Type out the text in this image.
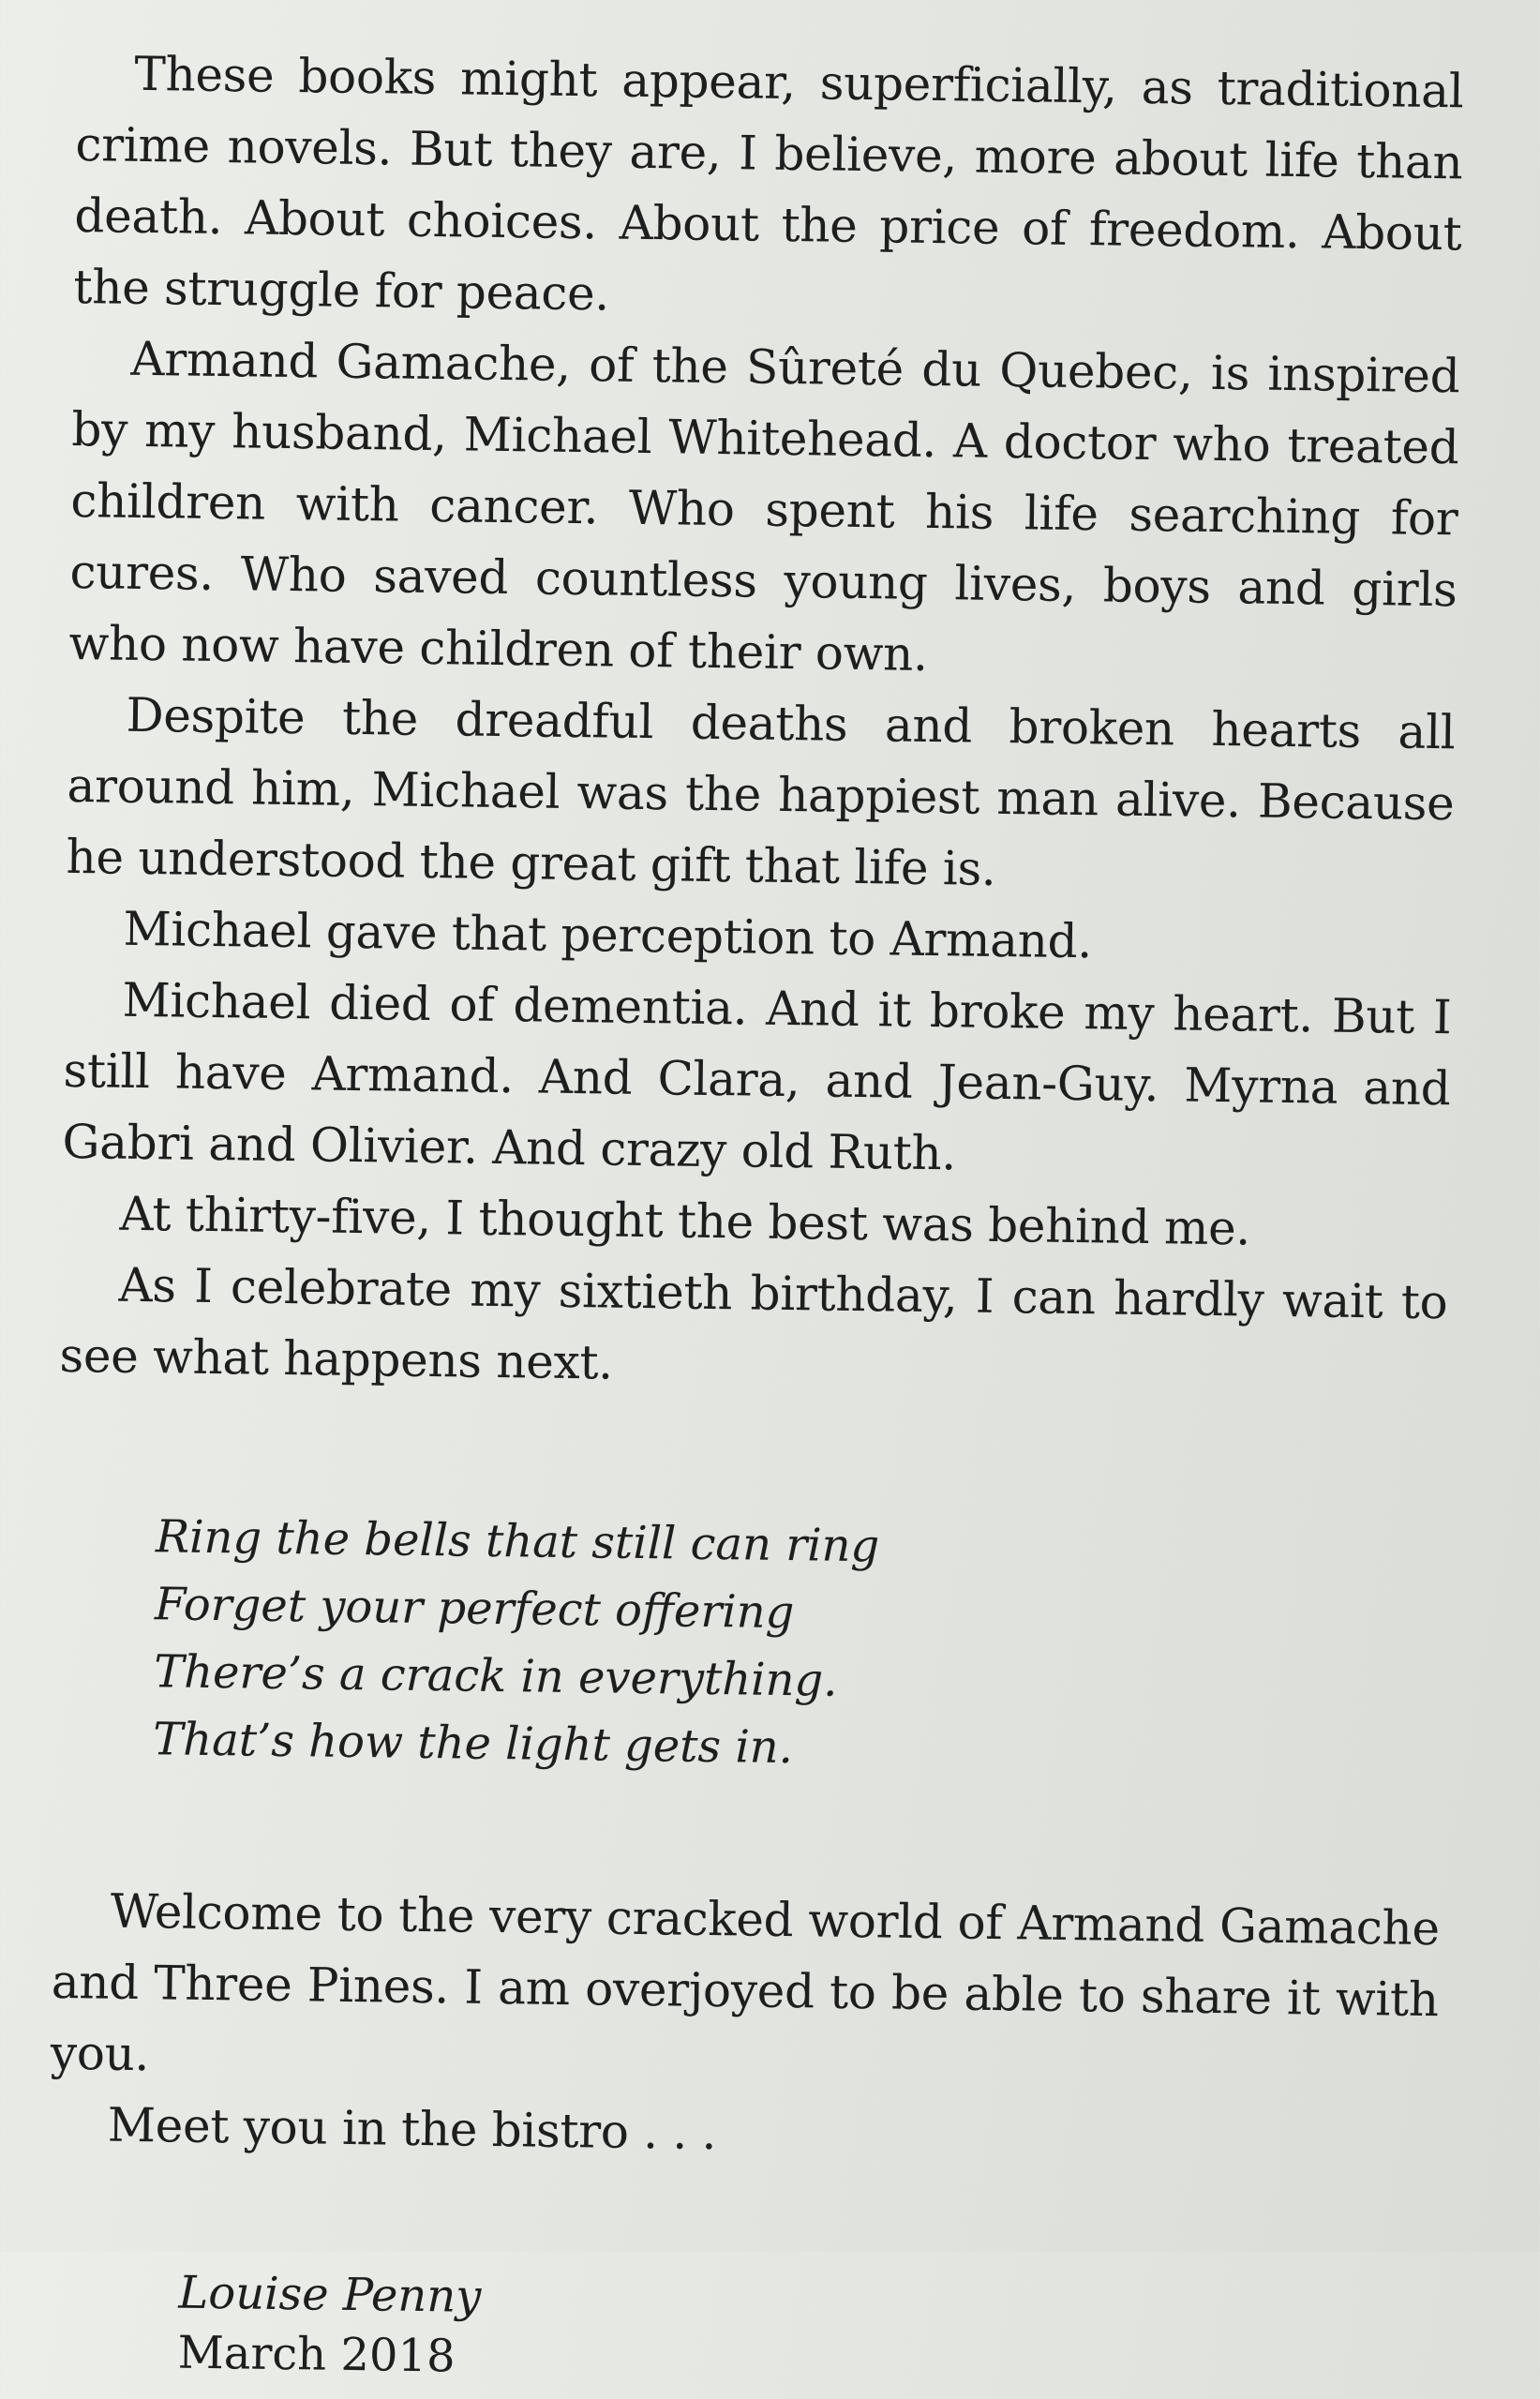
These books might appear, superficially, as traditional crime novels. But they are, I believe, more about life than death. About choices. About the price of freedom. About the struggle for peace.

Armand Gamache, of the Sûreté du Quebec, is inspired by my husband, Michael Whitehead. A doctor who treated children with cancer. Who spent his life searching for cures. Who saved countless young lives, boys and girls who now have children of their own.

Despite the dreadful deaths and broken hearts all around him, Michael was the happiest man alive. Because he understood the great gift that life is.

Michael gave that perception to Armand.

Michael died of dementia. And it broke my heart. But I still have Armand. And Clara, and Jean-Guy. Myrna and Gabri and Olivier. And crazy old Ruth.

At thirty-five, I thought the best was behind me.

As I celebrate my sixtieth birthday, I can hardly wait to see what happens next.

Ring the bells that still can ring
Forget your perfect offering
There’s a crack in everything.
That’s how the light gets in.

Welcome to the very cracked world of Armand Gamache and Three Pines. I am overjoyed to be able to share it with you.

Meet you in the bistro . . .

Louise Penny
March 2018
